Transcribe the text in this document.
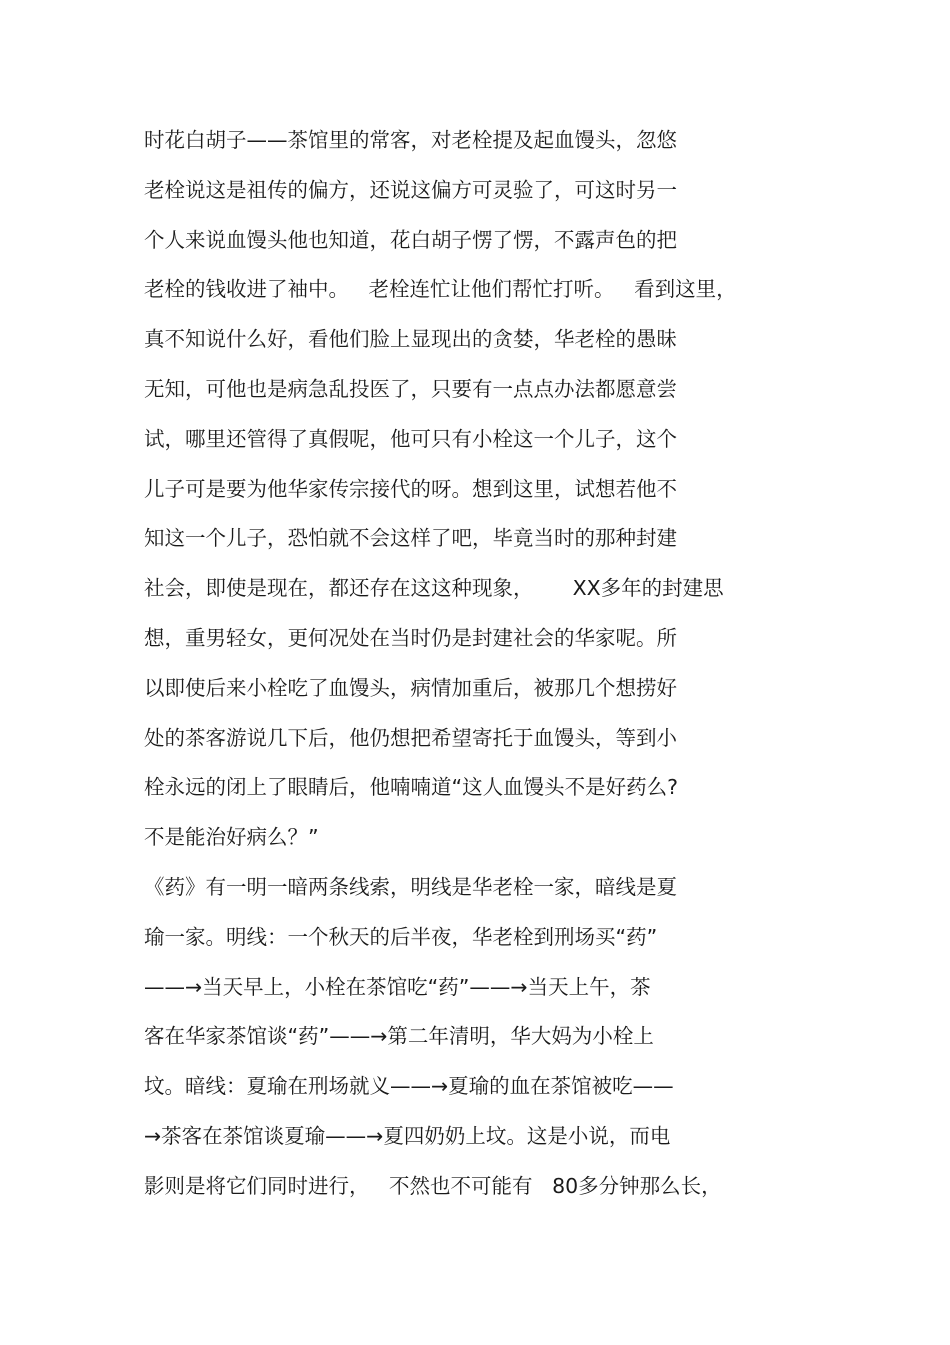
时花白胡子——茶馆里的常客，对老栓提及起血馒头，忽悠
老栓说这是祖传的偏方，还说这偏方可灵验了，可这时另一
个人来说血馒头他也知道，花白胡子愣了愣，不露声色的把
老栓的钱收进了袖中。   老栓连忙让他们帮忙打听。   看到这里，
真不知说什么好，看他们脸上显现出的贪婪，华老栓的愚昧
无知，可他也是病急乱投医了，只要有一点点办法都愿意尝
试，哪里还管得了真假呢，他可只有小栓这一个儿子，这个
儿子可是要为他华家传宗接代的呀。想到这里，试想若他不
知这一个儿子，恐怕就不会这样了吧，毕竟当时的那种封建
社会，即使是现在，都还存在这这种现象，      XX多年的封建思
想，重男轻女，更何况处在当时仍是封建社会的华家呢。所
以即使后来小栓吃了血馒头，病情加重后，被那几个想捞好
处的茶客游说几下后，他仍想把希望寄托于血馒头，等到小
栓永远的闭上了眼睛后，他喃喃道“这人血馒头不是好药么?
不是能治好病么？”
《药》有一明一暗两条线索，明线是华老栓一家，暗线是夏
瑜一家。明线：一个秋天的后半夜，华老栓到刑场买“药”
——→当天早上，小栓在茶馆吃“药”——→当天上午，茶
客在华家茶馆谈“药”——→第二年清明，华大妈为小栓上
坟。暗线：夏瑜在刑场就义——→夏瑜的血在茶馆被吃——
→茶客在茶馆谈夏瑜——→夏四奶奶上坟。这是小说，而电
影则是将它们同时进行，   不然也不可能有   80多分钟那么长，
